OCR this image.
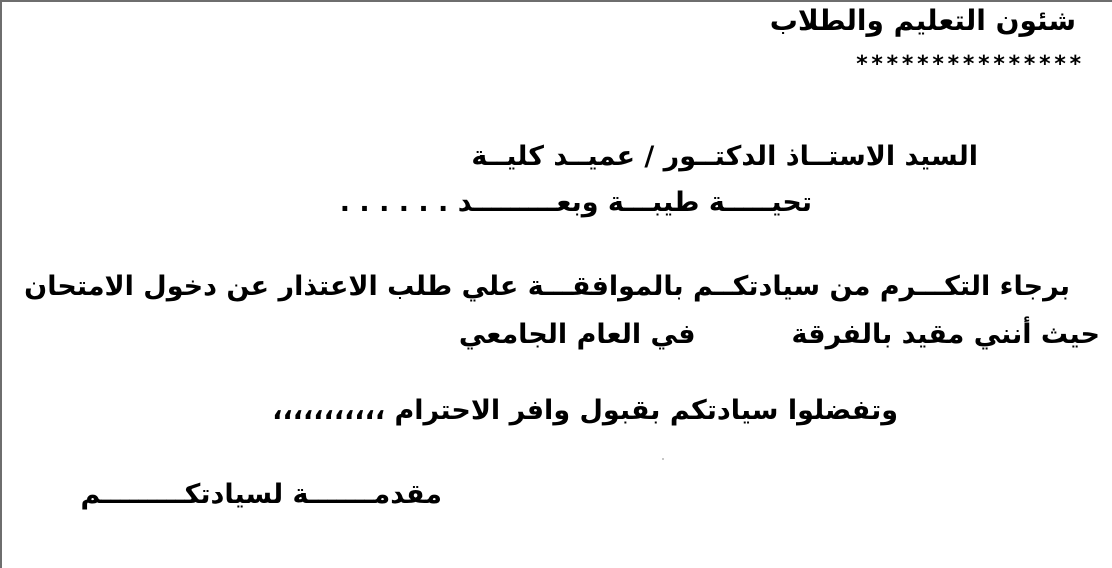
شئون التعليم والطلاب
***************
السيد الاستــاذ الدكتــور / عميــد كليــة
تحيـــــة طيبـــة وبعـــــــــد . . . . . .
برجاء التكـــرم من سيادتكــم بالموافقـــة علي طلب الاعتذار عن دخول الامتحان
حيث أنني مقيد بالفرقةفي العام الجامعي
وتفضلوا سيادتكم بقبول وافر الاحترام ،،،،،،،،،،،
مقدمـــــــة لسيادتكـــــــــم
